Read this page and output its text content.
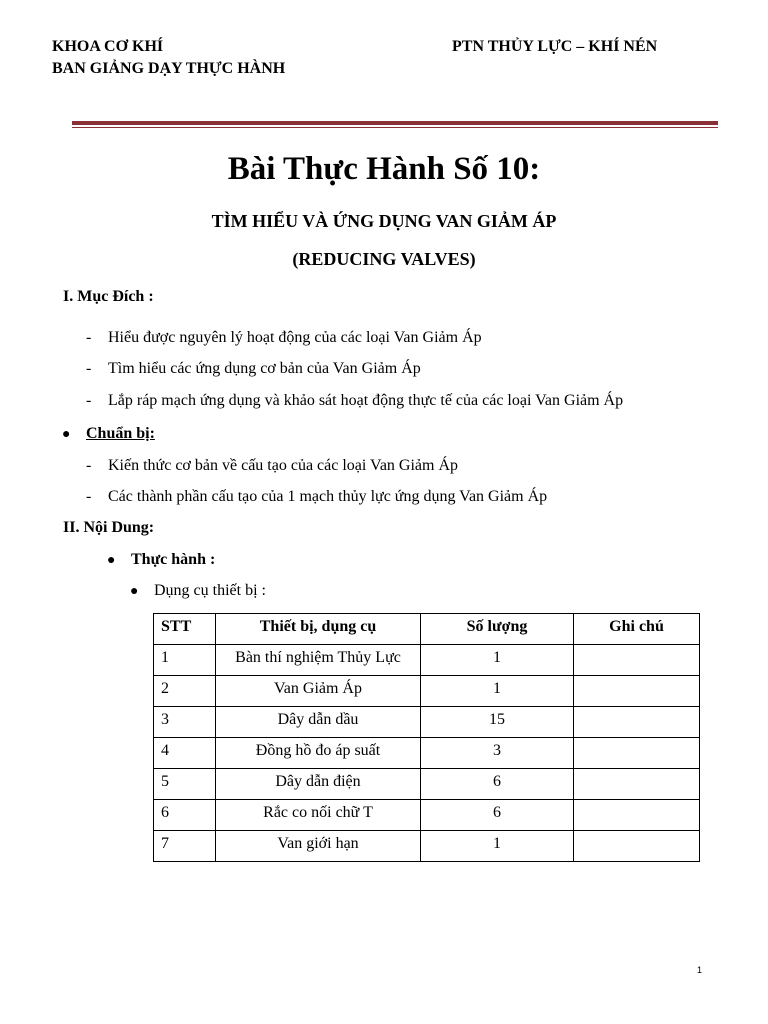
KHOA CƠ KHÍ
BAN GIẢNG DẠY THỰC HÀNH
PTN THỦY LỰC – KHÍ NÉN
Bài Thực Hành Số 10:
TÌM HIỂU VÀ ỨNG DỤNG VAN GIẢM ÁP
(REDUCING VALVES)
I. Mục Đích :
- Hiểu được nguyên lý hoạt động của các loại Van Giảm Áp
- Tìm hiểu các ứng dụng cơ bản của Van Giảm Áp
- Lắp ráp mạch ứng dụng và khảo sát hoạt động thực tế của các loại Van Giảm Áp
● Chuẩn bị:
- Kiến thức cơ bản về cấu tạo của các loại Van Giảm Áp
- Các thành phần cấu tạo của 1 mạch thủy lực ứng dụng Van Giảm Áp
II. Nội Dung:
● Thực hành :
● Dụng cụ thiết bị :
STT	Thiết bị, dụng cụ	Số lượng	Ghi chú
1	Bàn thí nghiệm Thủy Lực	1	
2	Van Giảm Áp	1	
3	Dây dẫn dầu	15	
4	Đồng hồ đo áp suất	3	
5	Dây dẫn điện	6	
6	Rắc co nối chữ T	6	
7	Van giới hạn	1	
1
